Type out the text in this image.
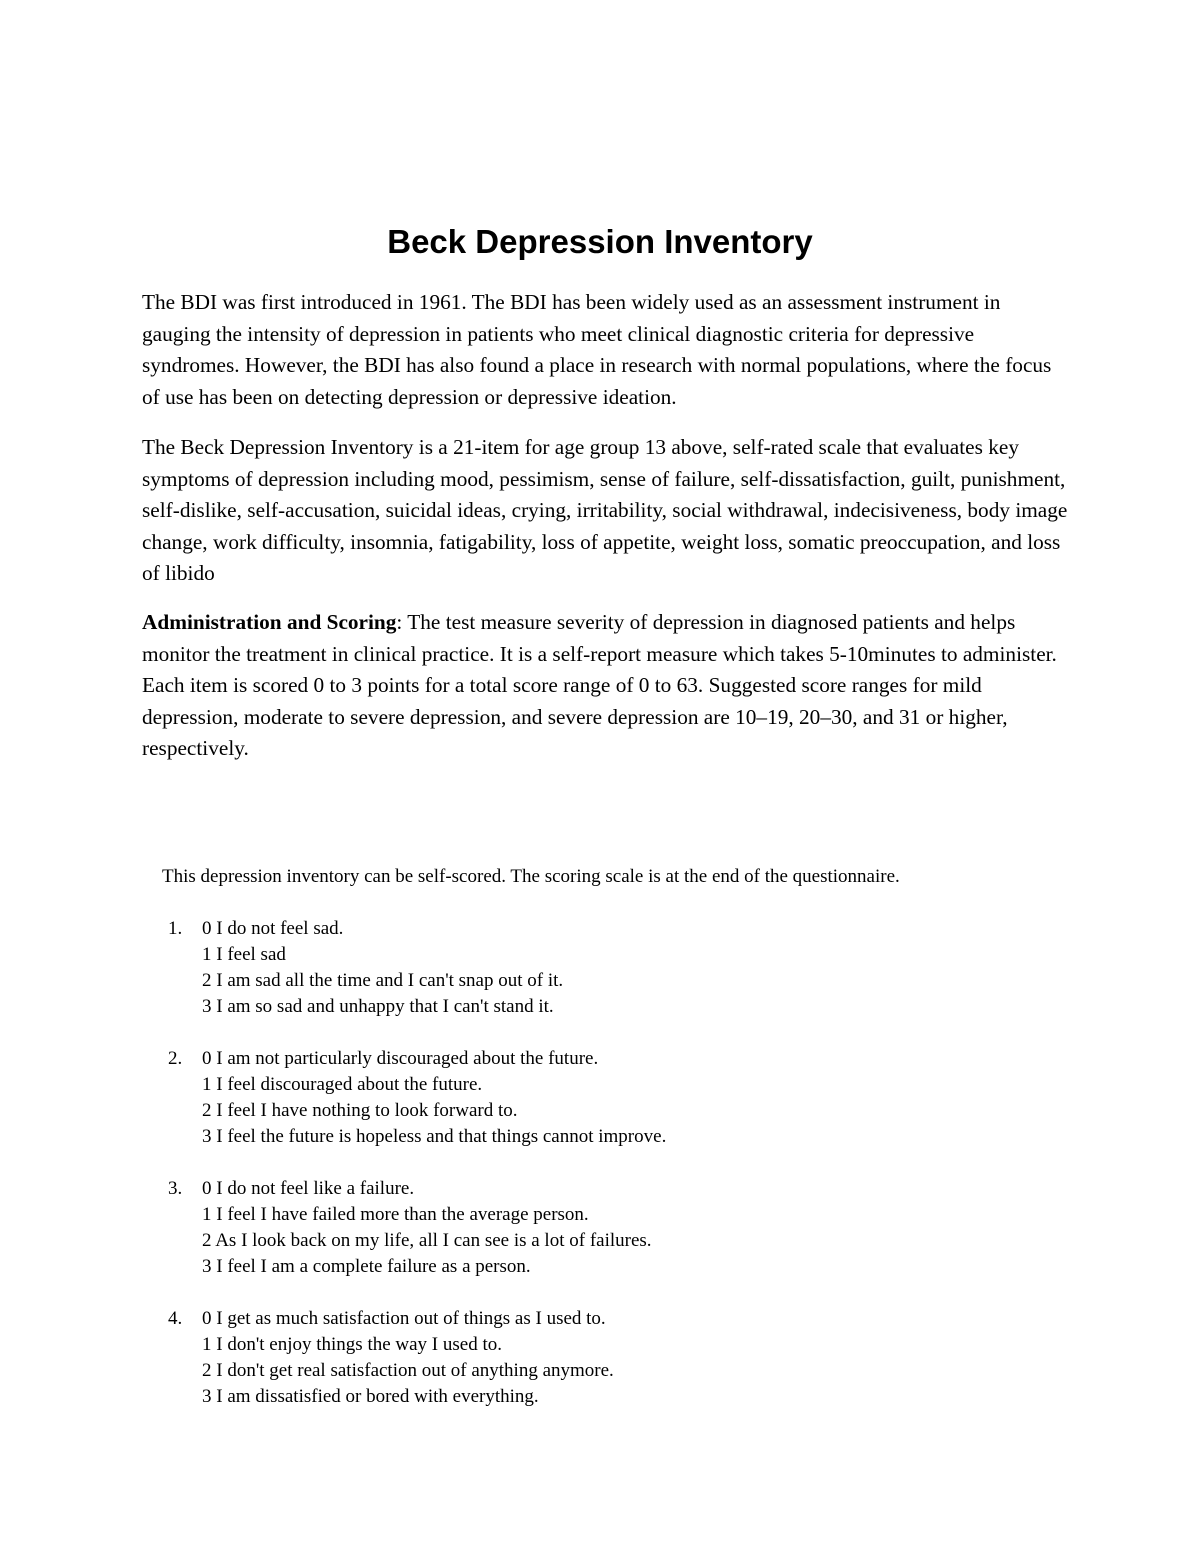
Beck Depression Inventory

The BDI was first introduced in 1961. The BDI has been widely used as an assessment instrument in gauging the intensity of depression in patients who meet clinical diagnostic criteria for depressive syndromes. However, the BDI has also found a place in research with normal populations, where the focus of use has been on detecting depression or depressive ideation.

The Beck Depression Inventory is a 21-item for age group 13 above, self-rated scale that evaluates key symptoms of depression including mood, pessimism, sense of failure, self-dissatisfaction, guilt, punishment, self-dislike, self-accusation, suicidal ideas, crying, irritability, social withdrawal, indecisiveness, body image change, work difficulty, insomnia, fatigability, loss of appetite, weight loss, somatic preoccupation, and loss of libido

Administration and Scoring: The test measure severity of depression in diagnosed patients and helps monitor the treatment in clinical practice. It is a self-report measure which takes 5-10minutes to administer. Each item is scored 0 to 3 points for a total score range of 0 to 63. Suggested score ranges for mild depression, moderate to severe depression, and severe depression are 10–19, 20–30, and 31 or higher, respectively.

This depression inventory can be self-scored. The scoring scale is at the end of the questionnaire.

1. 0 I do not feel sad.
1 I feel sad
2 I am sad all the time and I can't snap out of it.
3 I am so sad and unhappy that I can't stand it.
2. 0 I am not particularly discouraged about the future.
1 I feel discouraged about the future.
2 I feel I have nothing to look forward to.
3 I feel the future is hopeless and that things cannot improve.
3. 0 I do not feel like a failure.
1 I feel I have failed more than the average person.
2 As I look back on my life, all I can see is a lot of failures.
3 I feel I am a complete failure as a person.
4. 0 I get as much satisfaction out of things as I used to.
1 I don't enjoy things the way I used to.
2 I don't get real satisfaction out of anything anymore.
3 I am dissatisfied or bored with everything.
